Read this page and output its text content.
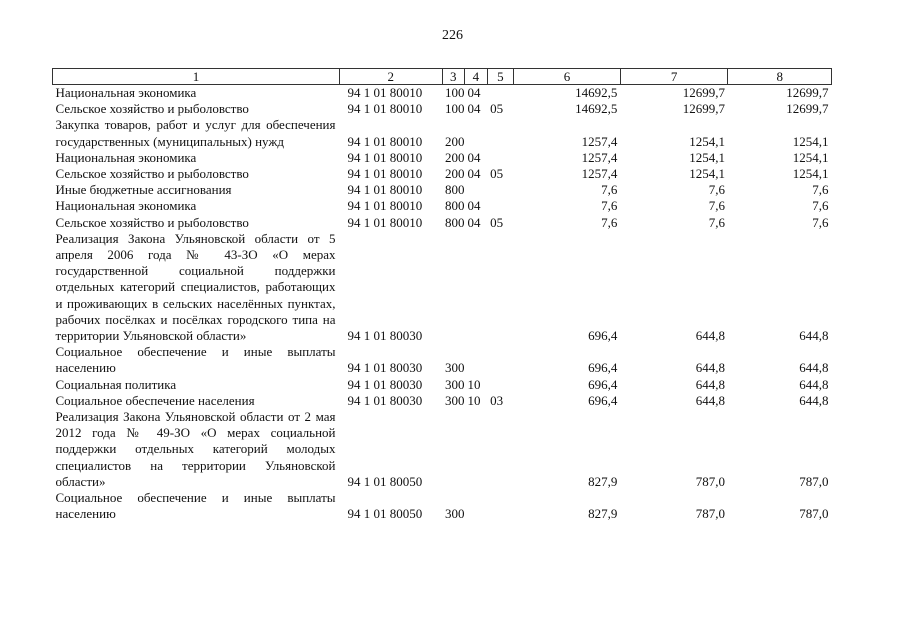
226
1	2	3	4	5	6	7	8
Национальная экономика	94 1 01 80010	100	04		14692,5	12699,7	12699,7
Сельское хозяйство и рыболовство	94 1 01 80010	100	04	05	14692,5	12699,7	12699,7
Закупка товаров, работ и услуг для обеспечения государственных (муниципальных) нужд	94 1 01 80010	200			1257,4	1254,1	1254,1
Национальная экономика	94 1 01 80010	200	04		1257,4	1254,1	1254,1
Сельское хозяйство и рыболовство	94 1 01 80010	200	04	05	1257,4	1254,1	1254,1
Иные бюджетные ассигнования	94 1 01 80010	800			7,6	7,6	7,6
Национальная экономика	94 1 01 80010	800	04		7,6	7,6	7,6
Сельское хозяйство и рыболовство	94 1 01 80010	800	04	05	7,6	7,6	7,6
Реализация Закона Ульяновской области от 5 апреля 2006 года № 43-ЗО «О мерах государственной социальной поддержки отдельных категорий специалистов, работающих и проживающих в сельских населённых пунктах, рабочих посёлках и посёлках городского типа на территории Ульяновской области»	94 1 01 80030				696,4	644,8	644,8
Социальное обеспечение и иные выплаты населению	94 1 01 80030	300			696,4	644,8	644,8
Социальная политика	94 1 01 80030	300	10		696,4	644,8	644,8
Социальное обеспечение населения	94 1 01 80030	300	10	03	696,4	644,8	644,8
Реализация Закона Ульяновской области от 2 мая 2012 года № 49-ЗО «О мерах социальной поддержки отдельных категорий молодых специалистов на территории Ульяновской области»	94 1 01 80050				827,9	787,0	787,0
Социальное обеспечение и иные выплаты населению	94 1 01 80050	300			827,9	787,0	787,0
